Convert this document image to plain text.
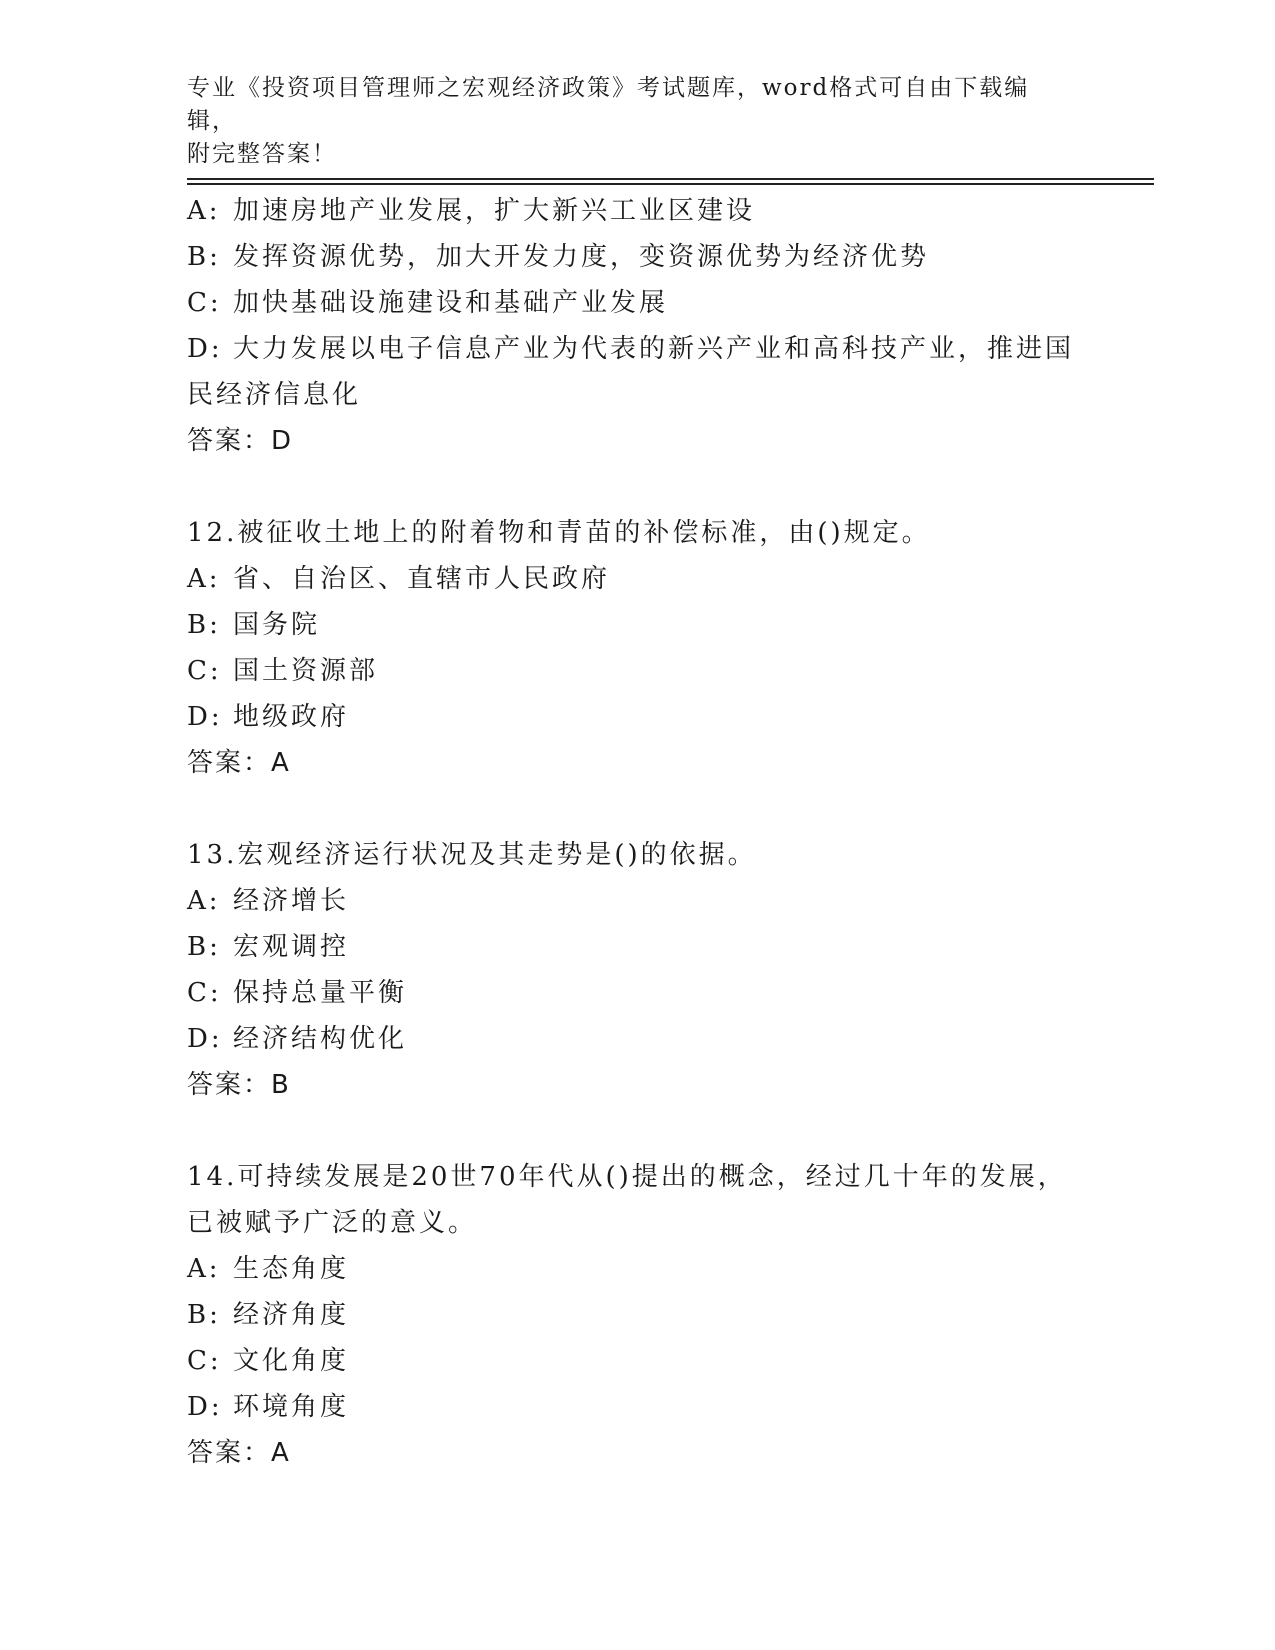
专业《投资项目管理师之宏观经济政策》考试题库，word格式可自由下载编辑，
附完整答案！
A: 加速房地产业发展，扩大新兴工业区建设
B: 发挥资源优势，加大开发力度，变资源优势为经济优势
C: 加快基础设施建设和基础产业发展
D: 大力发展以电子信息产业为代表的新兴产业和高科技产业，推进国
民经济信息化
答案：D
12.被征收土地上的附着物和青苗的补偿标准，由()规定。
A: 省、自治区、直辖市人民政府
B: 国务院
C: 国土资源部
D: 地级政府
答案：A
13.宏观经济运行状况及其走势是()的依据。
A: 经济增长
B: 宏观调控
C: 保持总量平衡
D: 经济结构优化
答案：B
14.可持续发展是20世70年代从()提出的概念，经过几十年的发展，
已被赋予广泛的意义。
A: 生态角度
B: 经济角度
C: 文化角度
D: 环境角度
答案：A
